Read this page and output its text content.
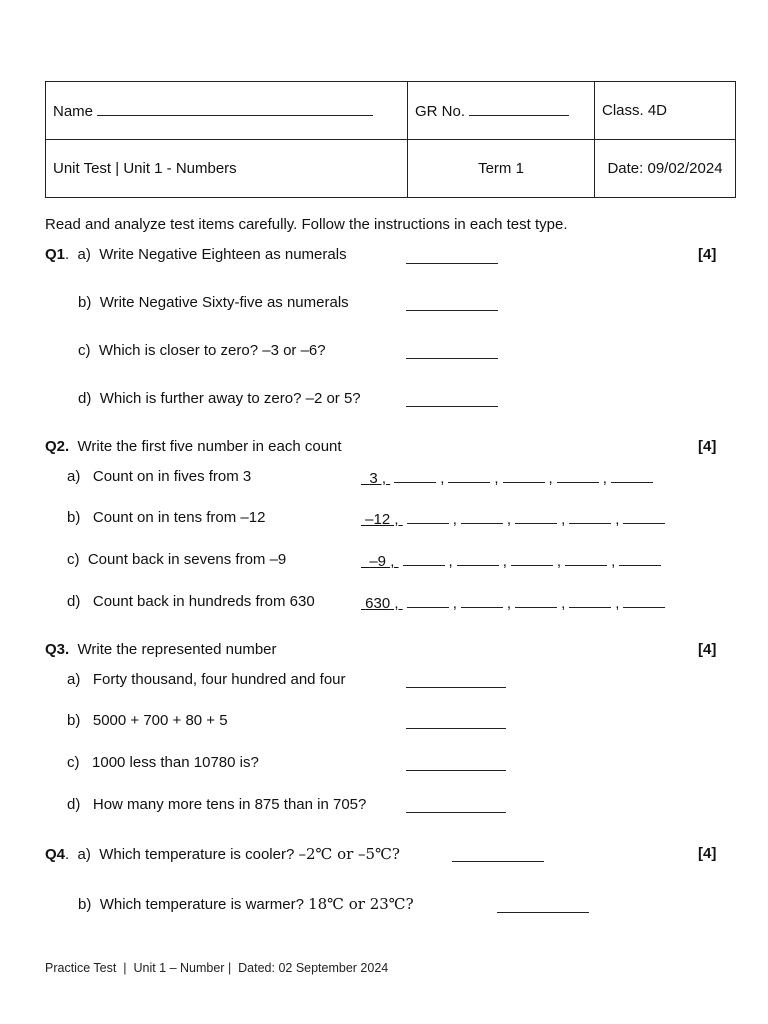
Name	GR No.	Class. 4D
Unit Test | Unit 1 - Numbers	Term 1	Date: 09/02/2024
Read and analyze test items carefully. Follow the instructions in each test type.
Q1.  a) Write Negative Eighteen as numerals	[4]
b) Write Negative Sixty-five as numerals
c) Which is closer to zero? –3 or –6?
d) Which is further away to zero? –2 or 5?
Q2. Write the first five number in each count	[4]
a) Count on in fives from 3	3 ,	,	,	,	,
b) Count on in tens from –12	–12 ,	,	,	,	,
c) Count back in sevens from –9	–9 ,	,	,	,	,
d) Count back in hundreds from 630	630 ,	,	,	,	,
Q3. Write the represented number	[4]
a) Forty thousand, four hundred and four
b) 5000 + 700 + 80 + 5
c) 1000 less than 10780 is?
d) How many more tens in 875 than in 705?
Q4.  a) Which temperature is cooler? –2℃ or –5℃?	[4]
b) Which temperature is warmer? 18℃ or 23℃?
Practice Test  |  Unit 1 – Number |  Dated: 02 September 2024
